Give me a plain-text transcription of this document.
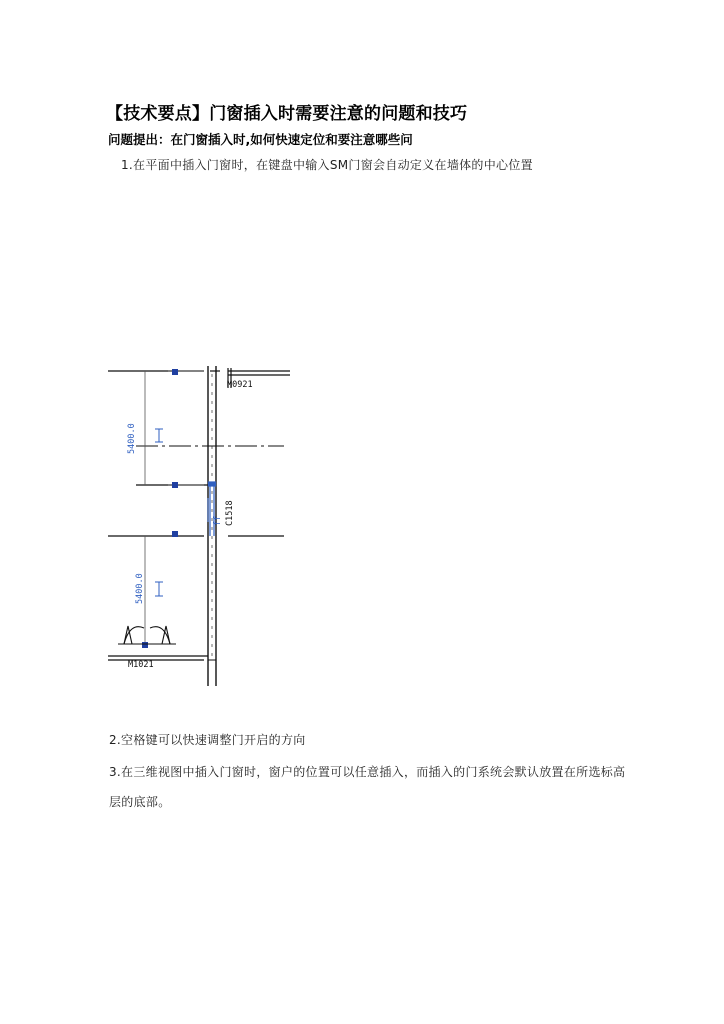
【技术要点】门窗插入时需要注意的问题和技巧
问题提出：在门窗插入时,如何快速定位和要注意哪些问
1.在平面中插入门窗时，在键盘中输入SM门窗会自动定义在墙体的中心位置
M0921
5400.0
C1518
ff
5400.0
M1021
2.空格键可以快速调整门开启的方向
3.在三维视图中插入门窗时，窗户的位置可以任意插入，而插入的门系统会默认放置在所选标高
层的底部。
